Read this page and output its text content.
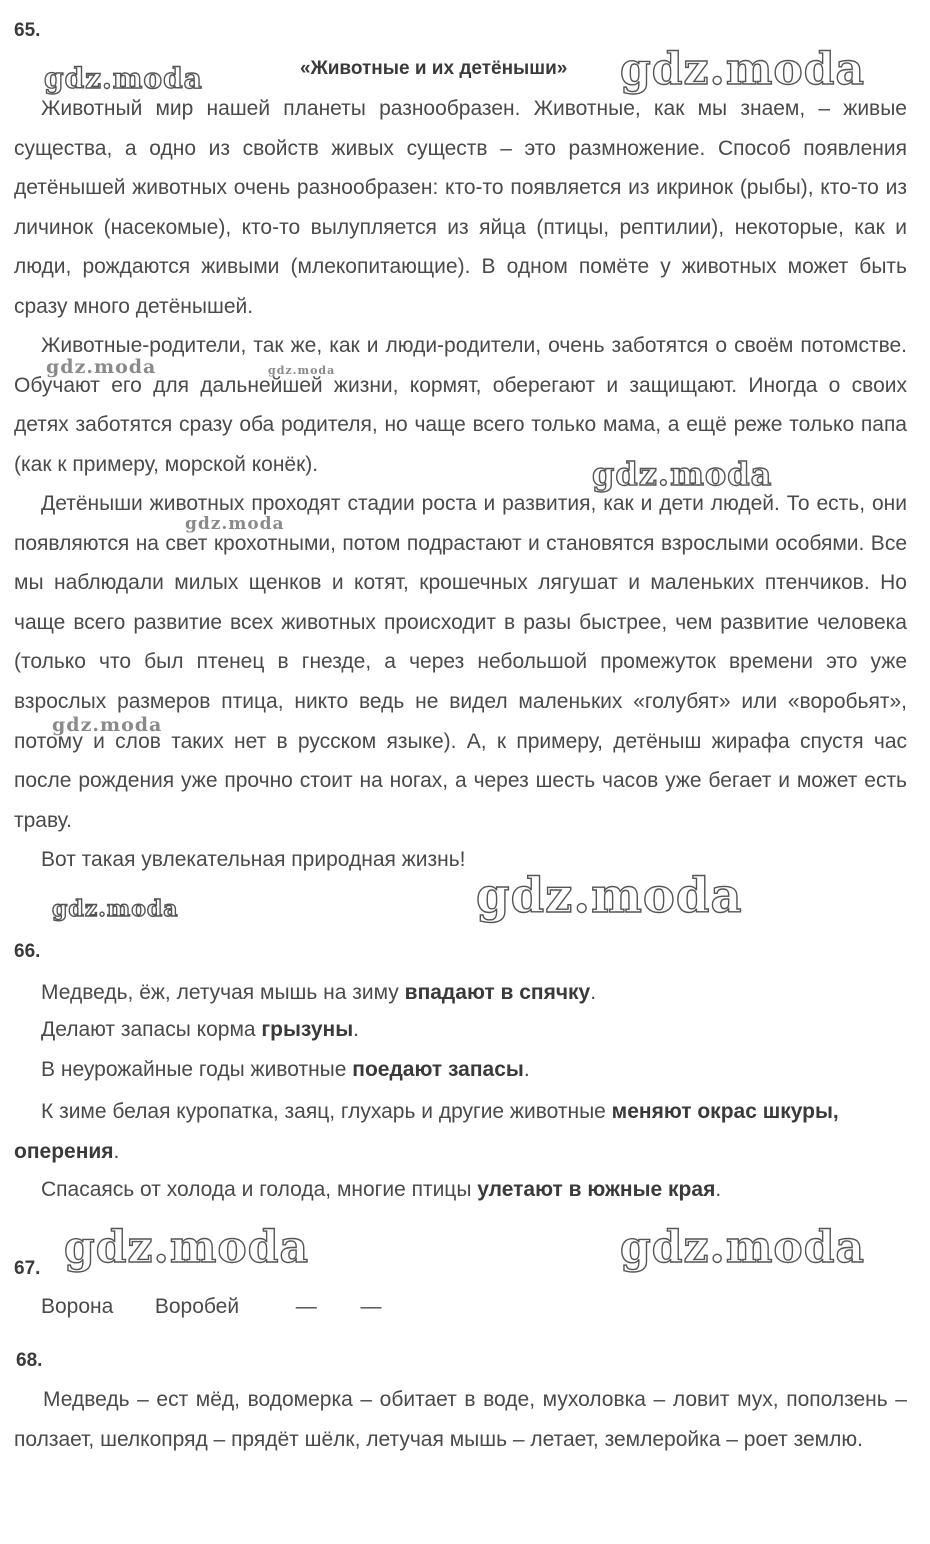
65.
«Животные и их детёныши»

Животный мир нашей планеты разнообразен. Животные, как мы знаем, – живые существа, а одно из свойств живых существ – это размножение. Способ появления детёнышей животных очень разнообразен: кто-то появляется из икринок (рыбы), кто-то из личинок (насекомые), кто-то вылупляется из яйца (птицы, рептилии), некоторые, как и люди, рождаются живыми (млекопитающие). В одном помёте у животных может быть сразу много детёнышей.

Животные-родители, так же, как и люди-родители, очень заботятся о своём потомстве. Обучают его для дальнейшей жизни, кормят, оберегают и защищают. Иногда о своих детях заботятся сразу оба родителя, но чаще всего только мама, а ещё реже только папа (как к примеру, морской конёк).

Детёныши животных проходят стадии роста и развития, как и дети людей. То есть, они появляются на свет крохотными, потом подрастают и становятся взрослыми особями. Все мы наблюдали милых щенков и котят, крошечных лягушат и маленьких птенчиков. Но чаще всего развитие всех животных происходит в разы быстрее, чем развитие человека (только что был птенец в гнезде, а через небольшой промежуток времени это уже взрослых размеров птица, никто ведь не видел маленьких «голубят» или «воробьят», потому и слов таких нет в русском языке). А, к примеру, детёныш жирафа спустя час после рождения уже прочно стоит на ногах, а через шесть часов уже бегает и может есть траву.

Вот такая увлекательная природная жизнь!

66.

Медведь, ёж, летучая мышь на зиму впадают в спячку.

Делают запасы корма грызуны.

В неурожайные годы животные поедают запасы.

К зиме белая куропатка, заяц, глухарь и другие животные меняют окрас шкуры, оперения.

Спасаясь от холода и голода, многие птицы улетают в южные края.

67.
Ворона Воробей	— —
68.

Медведь – ест мёд, водомерка – обитает в воде, мухоловка – ловит мух, поползень – ползает, шелкопряд – прядёт шёлк, летучая мышь – летает, землеройка – роет землю.

gdz.moda	gdz.moda
gdz.moda	gdz.moda
gdz.moda
gdz.moda
gdz.moda
gdz.moda
gdz.moda
gdz.moda	gdz.moda
